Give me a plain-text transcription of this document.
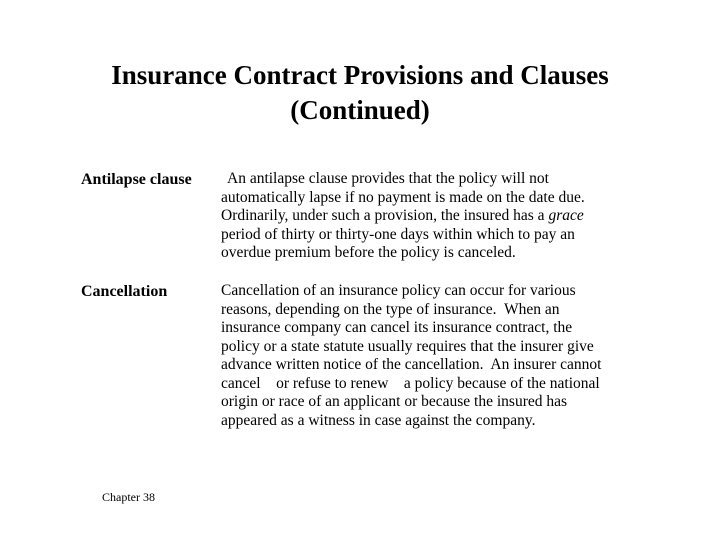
Insurance Contract Provisions and Clauses
(Continued)
Antilapse clause	An antilapse clause provides that the policy will not
automatically lapse if no payment is made on the date due.
Ordinarily, under such a provision, the insured has a grace
period of thirty or thirty-one days within which to pay an
overdue premium before the policy is canceled.
Cancellation	Cancellation of an insurance policy can occur for various
reasons, depending on the type of insurance.  When an
insurance company can cancel its insurance contract, the
policy or a state statute usually requires that the insurer give
advance written notice of the cancellation.  An insurer cannot
cancel    or refuse to renew    a policy because of the national
origin or race of an applicant or because the insured has
appeared as a witness in case against the company.
Chapter 38
